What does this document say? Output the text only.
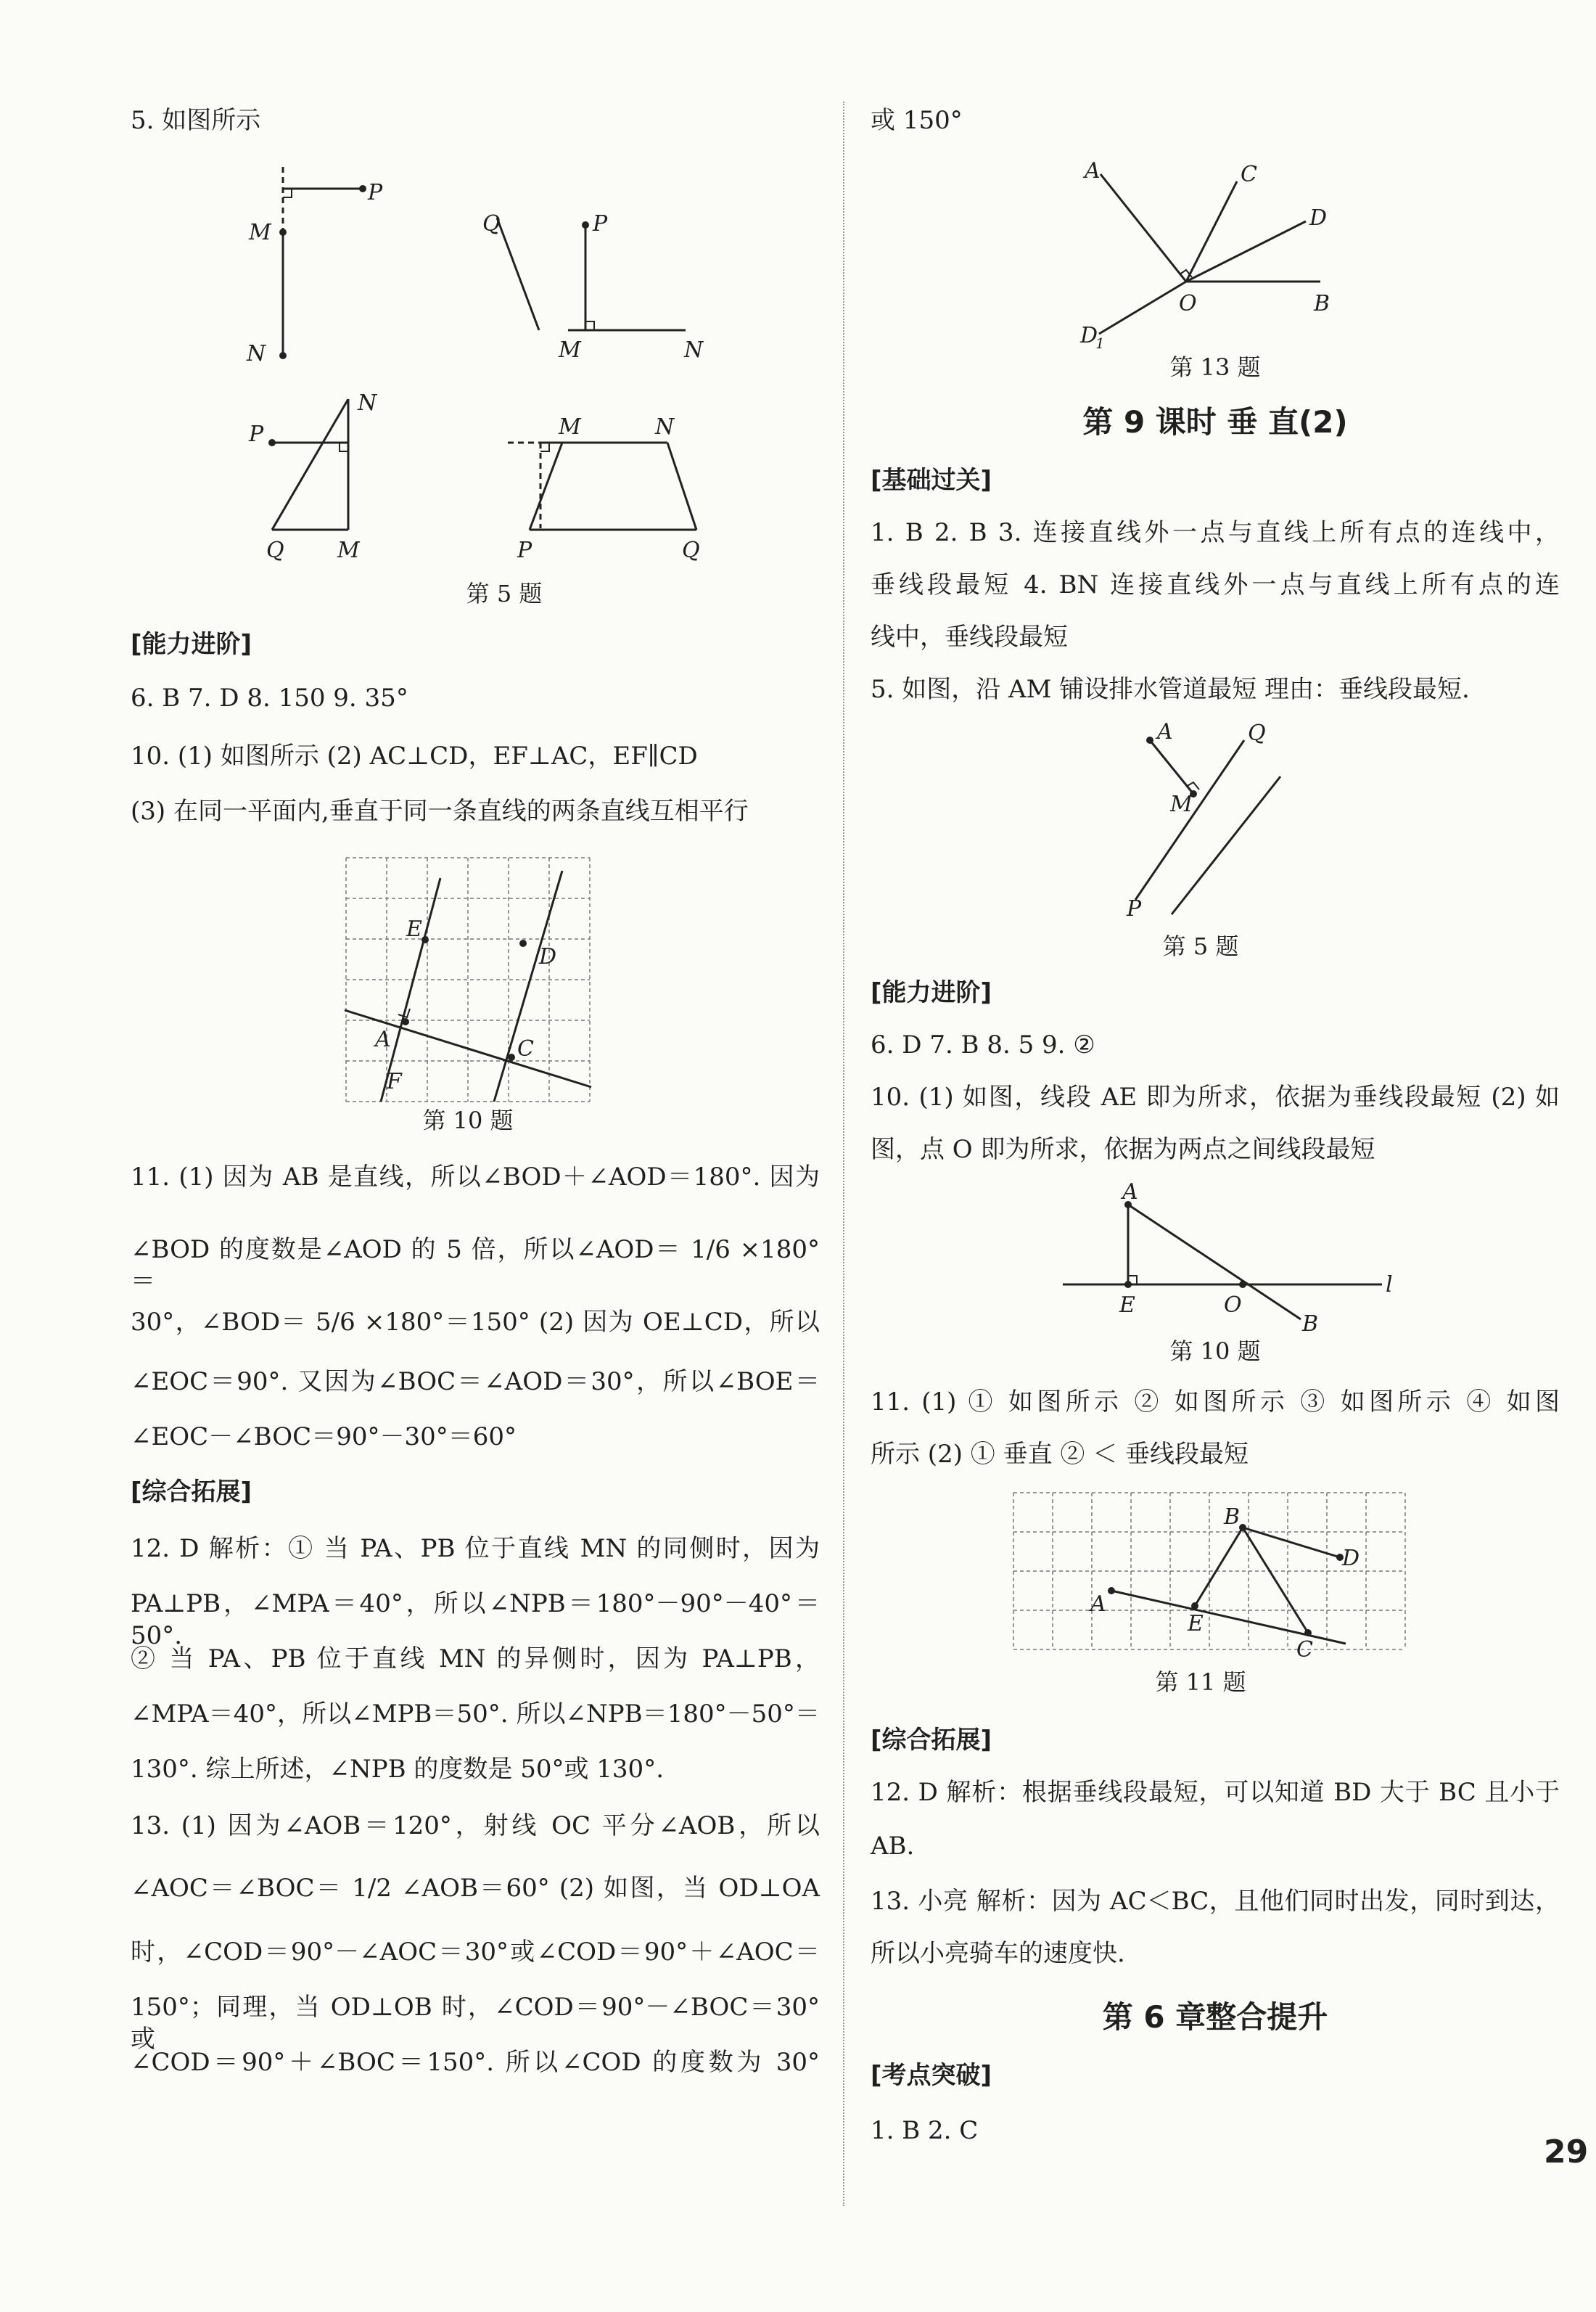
5. 如图所示
P
M
N
Q	P
M	N
P
N
Q M
M	N
P	Q
第 5 题
[能力进阶]
6. B 7. D 8. 150 9. 35°
10. (1) 如图所示 (2) AC⊥CD，EF⊥AC，EF∥CD
(3) 在同一平面内,垂直于同一条直线的两条直线互相平行
E
D
A	C
F
第 10 题
11. (1) 因为 AB 是直线，所以∠BOD＋∠AOD＝180°. 因为
∠BOD 的度数是∠AOD 的 5 倍，所以∠AOD＝ 1/6 ×180°＝
30°，∠BOD＝ 5/6 ×180°＝150° (2) 因为 OE⊥CD，所以
∠EOC＝90°. 又因为∠BOC＝∠AOD＝30°，所以∠BOE＝
∠EOC－∠BOC＝90°－30°＝60°
[综合拓展]
12. D 解析：① 当 PA、PB 位于直线 MN 的同侧时，因为
PA⊥PB，∠MPA＝40°，所以∠NPB＝180°－90°－40°＝50°.
② 当 PA、PB 位于直线 MN 的异侧时，因为 PA⊥PB，
∠MPA＝40°，所以∠MPB＝50°. 所以∠NPB＝180°－50°＝
130°. 综上所述，∠NPB 的度数是 50°或 130°.
13. (1) 因为∠AOB＝120°，射线 OC 平分∠AOB，所以
∠AOC＝∠BOC＝ 1/2 ∠AOB＝60° (2) 如图，当 OD⊥OA
时，∠COD＝90°－∠AOC＝30°或∠COD＝90°＋∠AOC＝
150°；同理，当 OD⊥OB 时，∠COD＝90°－∠BOC＝30°或
∠COD＝90°＋∠BOC＝150°. 所以∠COD 的度数为 30°
或 150°
A	C
D
O	B
D
1
第 13 题
第 9 课时 垂 直(2)
[基础过关]
1. B 2. B 3. 连接直线外一点与直线上所有点的连线中，
垂线段最短 4. BN 连接直线外一点与直线上所有点的连
线中，垂线段最短
5. 如图，沿 AM 铺设排水管道最短 理由：垂线段最短.
A	Q
M
P
第 5 题
[能力进阶]
6. D 7. B 8. 5 9. ②
10. (1) 如图，线段 AE 即为所求，依据为垂线段最短 (2) 如
图，点 O 即为所求，依据为两点之间线段最短
A
E	O
B
l
第 10 题
11. (1) ① 如图所示 ② 如图所示 ③ 如图所示 ④ 如图
所示 (2) ① 垂直 ② ＜ 垂线段最短
B
D
A
E
C
第 11 题
[综合拓展]
12. D 解析：根据垂线段最短，可以知道 BD 大于 BC 且小于
AB.
13. 小亮 解析：因为 AC＜BC，且他们同时出发，同时到达，
所以小亮骑车的速度快.
第 6 章整合提升
[考点突破]
1. B 2. C
29
